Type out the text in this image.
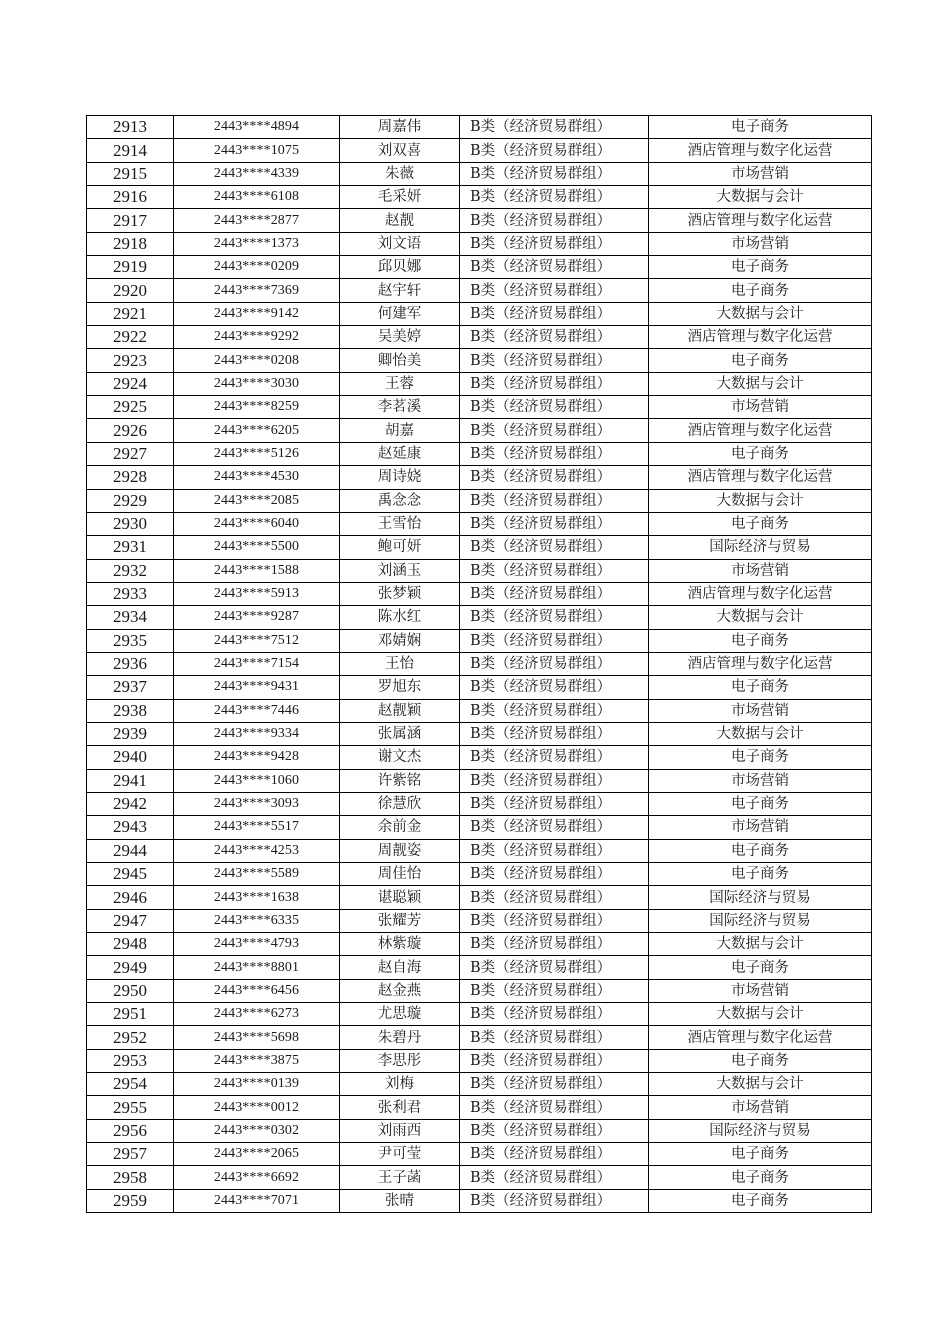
2913	2443****4894	周嘉伟	B类（经济贸易群组）	电子商务
2914	2443****1075	刘双喜	B类（经济贸易群组）	酒店管理与数字化运营
2915	2443****4339	朱薇	B类（经济贸易群组）	市场营销
2916	2443****6108	毛采妍	B类（经济贸易群组）	大数据与会计
2917	2443****2877	赵靓	B类（经济贸易群组）	酒店管理与数字化运营
2918	2443****1373	刘文语	B类（经济贸易群组）	市场营销
2919	2443****0209	邱贝娜	B类（经济贸易群组）	电子商务
2920	2443****7369	赵宇轩	B类（经济贸易群组）	电子商务
2921	2443****9142	何建军	B类（经济贸易群组）	大数据与会计
2922	2443****9292	吴美婷	B类（经济贸易群组）	酒店管理与数字化运营
2923	2443****0208	卿怡美	B类（经济贸易群组）	电子商务
2924	2443****3030	王蓉	B类（经济贸易群组）	大数据与会计
2925	2443****8259	李茗溪	B类（经济贸易群组）	市场营销
2926	2443****6205	胡嘉	B类（经济贸易群组）	酒店管理与数字化运营
2927	2443****5126	赵延康	B类（经济贸易群组）	电子商务
2928	2443****4530	周诗娆	B类（经济贸易群组）	酒店管理与数字化运营
2929	2443****2085	禹念念	B类（经济贸易群组）	大数据与会计
2930	2443****6040	王雪怡	B类（经济贸易群组）	电子商务
2931	2443****5500	鲍可妍	B类（经济贸易群组）	国际经济与贸易
2932	2443****1588	刘涵玉	B类（经济贸易群组）	市场营销
2933	2443****5913	张梦颖	B类（经济贸易群组）	酒店管理与数字化运营
2934	2443****9287	陈水红	B类（经济贸易群组）	大数据与会计
2935	2443****7512	邓婧娴	B类（经济贸易群组）	电子商务
2936	2443****7154	王怡	B类（经济贸易群组）	酒店管理与数字化运营
2937	2443****9431	罗旭东	B类（经济贸易群组）	电子商务
2938	2443****7446	赵靓颖	B类（经济贸易群组）	市场营销
2939	2443****9334	张属涵	B类（经济贸易群组）	大数据与会计
2940	2443****9428	谢文杰	B类（经济贸易群组）	电子商务
2941	2443****1060	许紫铭	B类（经济贸易群组）	市场营销
2942	2443****3093	徐慧欣	B类（经济贸易群组）	电子商务
2943	2443****5517	余前金	B类（经济贸易群组）	市场营销
2944	2443****4253	周靓姿	B类（经济贸易群组）	电子商务
2945	2443****5589	周佳怡	B类（经济贸易群组）	电子商务
2946	2443****1638	谌聪颖	B类（经济贸易群组）	国际经济与贸易
2947	2443****6335	张耀芳	B类（经济贸易群组）	国际经济与贸易
2948	2443****4793	林紫璇	B类（经济贸易群组）	大数据与会计
2949	2443****8801	赵自海	B类（经济贸易群组）	电子商务
2950	2443****6456	赵金燕	B类（经济贸易群组）	市场营销
2951	2443****6273	尤思璇	B类（经济贸易群组）	大数据与会计
2952	2443****5698	朱碧丹	B类（经济贸易群组）	酒店管理与数字化运营
2953	2443****3875	李思彤	B类（经济贸易群组）	电子商务
2954	2443****0139	刘梅	B类（经济贸易群组）	大数据与会计
2955	2443****0012	张利君	B类（经济贸易群组）	市场营销
2956	2443****0302	刘雨西	B类（经济贸易群组）	国际经济与贸易
2957	2443****2065	尹可莹	B类（经济贸易群组）	电子商务
2958	2443****6692	王子菡	B类（经济贸易群组）	电子商务
2959	2443****7071	张晴	B类（经济贸易群组）	电子商务
